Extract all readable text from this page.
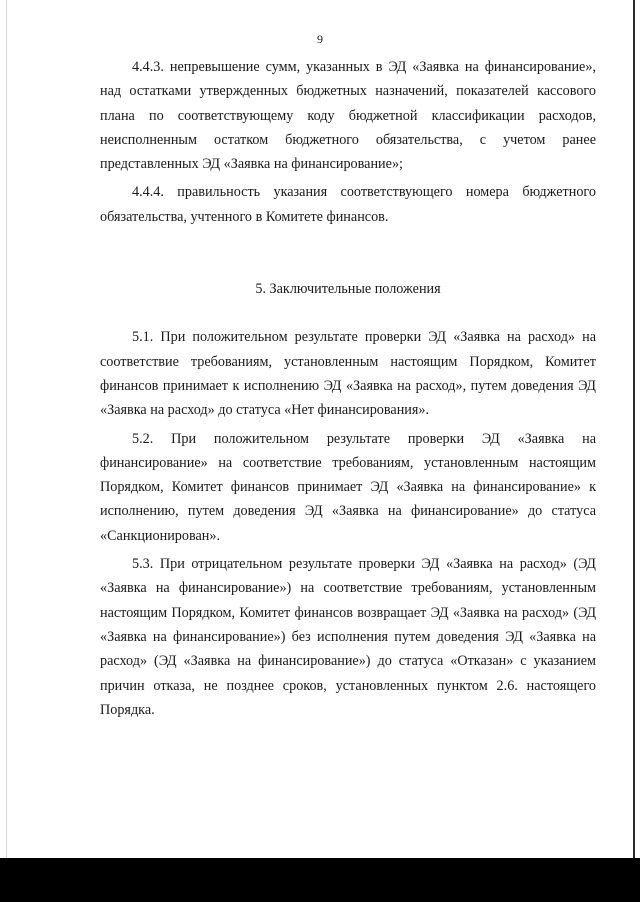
9

4.4.3. непревышение сумм, указанных в ЭД «Заявка на финансирование», над остатками утвержденных бюджетных назначений, показателей кассового плана по соответствующему коду бюджетной классификации расходов, неисполненным остатком бюджетного обязательства, с учетом ранее представленных ЭД «Заявка на финансирование»;

4.4.4. правильность указания соответствующего номера бюджетного обязательства, учтенного в Комитете финансов.

5. Заключительные положения

5.1. При положительном результате проверки ЭД «Заявка на расход» на соответствие требованиям, установленным настоящим Порядком, Комитет финансов принимает к исполнению ЭД «Заявка на расход», путем доведения ЭД «Заявка на расход» до статуса «Нет финансирования».

5.2. При положительном результате проверки ЭД «Заявка на финансирование» на соответствие требованиям, установленным настоящим Порядком, Комитет финансов принимает ЭД «Заявка на финансирование» к исполнению, путем доведения ЭД «Заявка на финансирование» до статуса «Санкционирован».

5.3. При отрицательном результате проверки ЭД «Заявка на расход» (ЭД «Заявка на финансирование») на соответствие требованиям, установленным настоящим Порядком, Комитет финансов возвращает ЭД «Заявка на расход» (ЭД «Заявка на финансирование») без исполнения путем доведения ЭД «Заявка на расход» (ЭД «Заявка на финансирование») до статуса «Отказан» с указанием причин отказа, не позднее сроков, установленных пунктом 2.6. настоящего Порядка.
